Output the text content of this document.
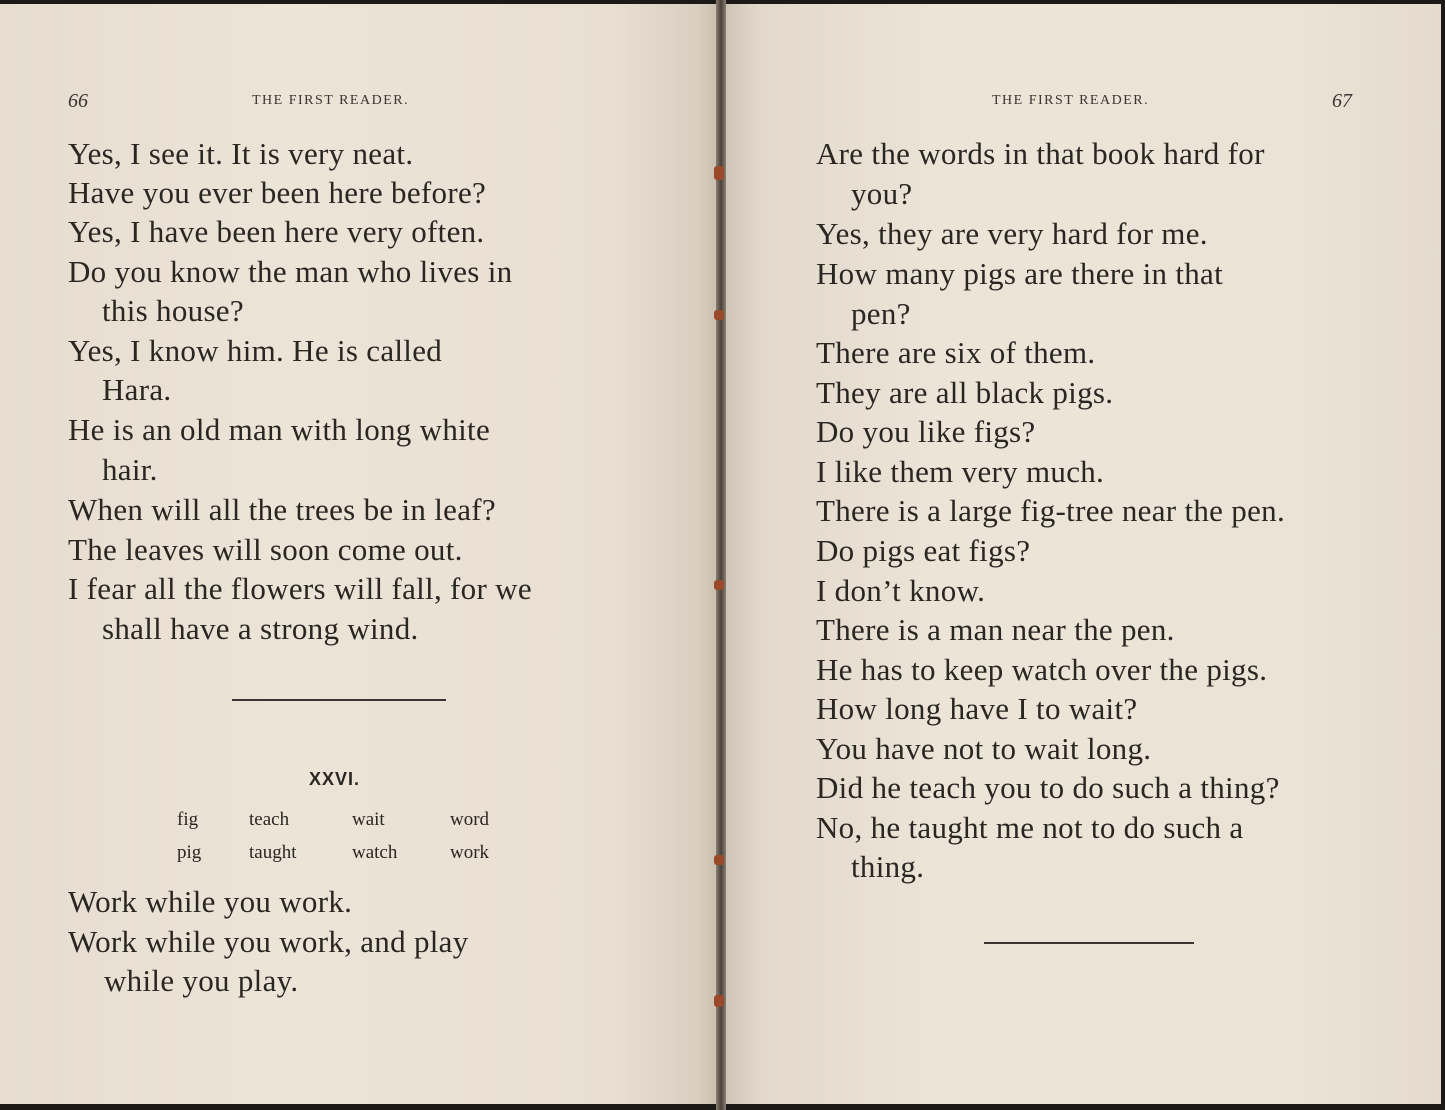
66	THE FIRST READER.
Yes, I see it. It is very neat.
Have you ever been here before?
Yes, I have been here very often.
Do you know the man who lives in
this house?
Yes, I know him. He is called
Hara.
He is an old man with long white
hair.
When will all the trees be in leaf?
The leaves will soon come out.
I fear all the flowers will fall, for we
shall have a strong wind.
XXVI.
fig	teach	wait	word
pig	taught	watch	work
Work while you work.
Work while you work, and play
while you play.
THE FIRST READER.	67
Are the words in that book hard for
you?
Yes, they are very hard for me.
How many pigs are there in that
pen?
There are six of them.
They are all black pigs.
Do you like figs?
I like them very much.
There is a large fig-tree near the pen.
Do pigs eat figs?
I don’t know.
There is a man near the pen.
He has to keep watch over the pigs.
How long have I to wait?
You have not to wait long.
Did he teach you to do such a thing?
No, he taught me not to do such a
thing.
